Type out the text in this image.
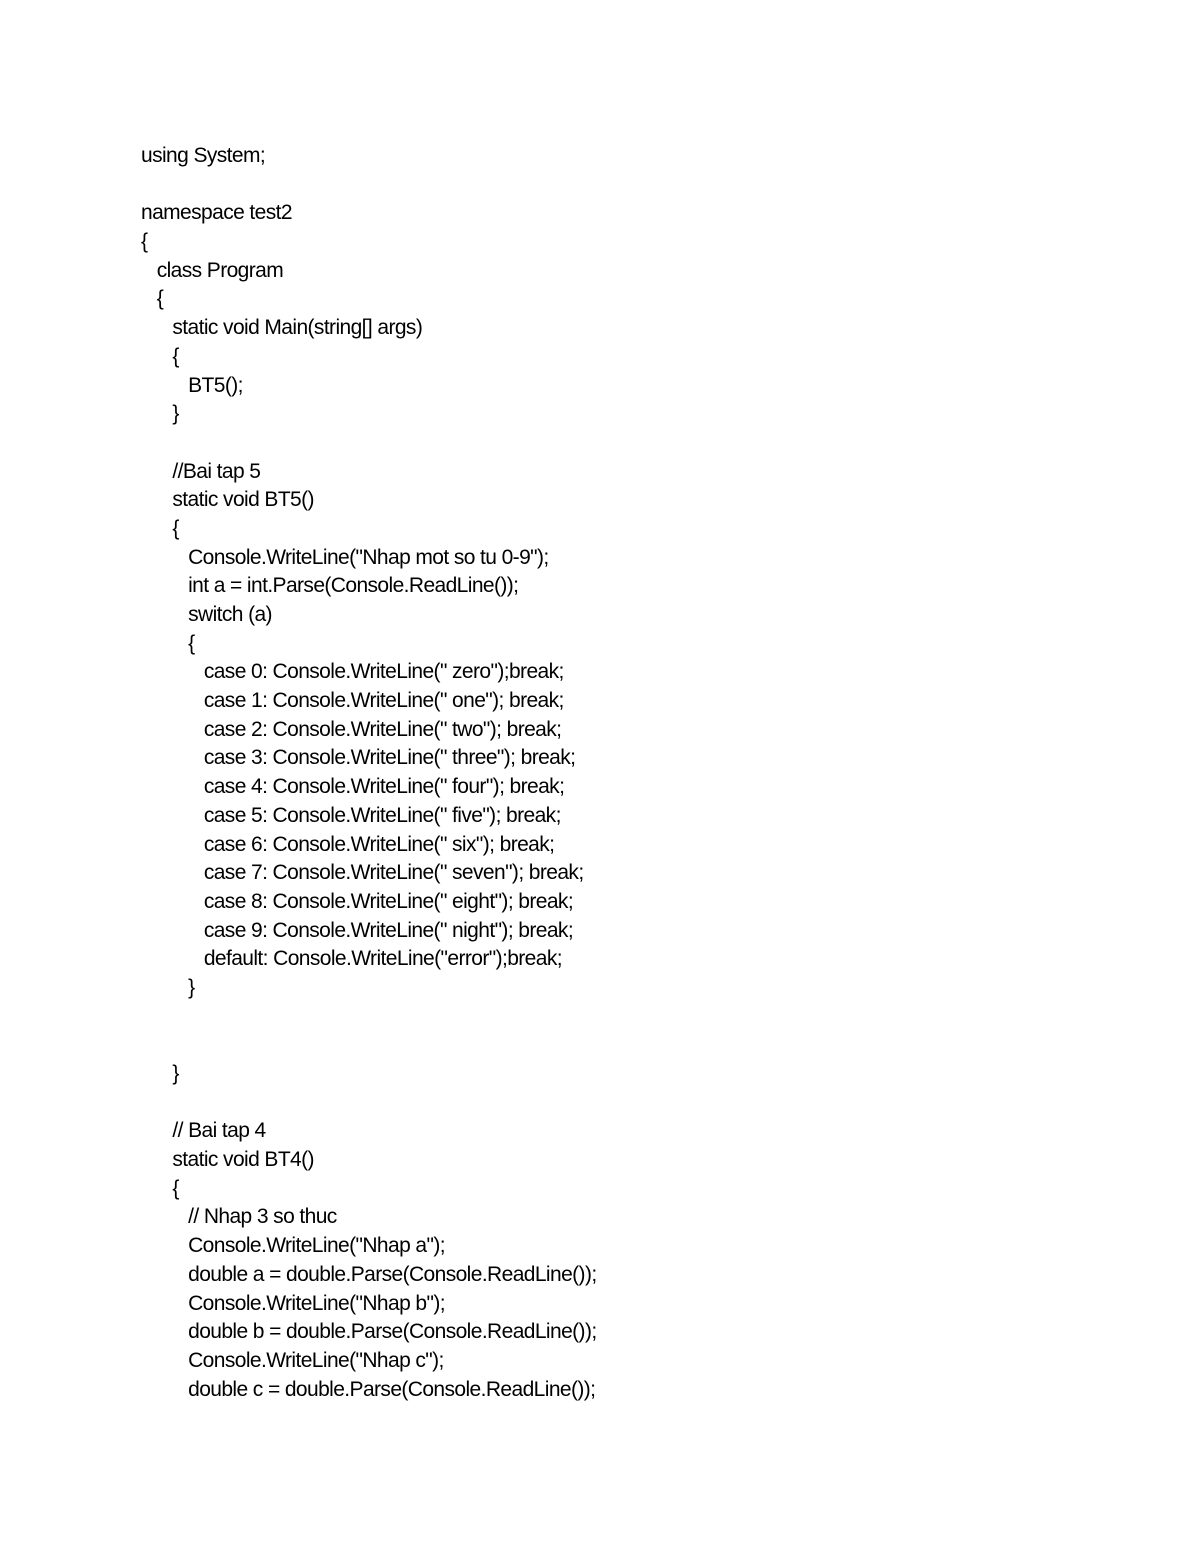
using System;
namespace test2
{
class Program
{
static void Main(string[] args)
{
BT5();
}
//Bai tap 5
static void BT5()
{
Console.WriteLine("Nhap mot so tu 0-9");
int a = int.Parse(Console.ReadLine());
switch (a)
{
case 0: Console.WriteLine(" zero");break;
case 1: Console.WriteLine(" one"); break;
case 2: Console.WriteLine(" two"); break;
case 3: Console.WriteLine(" three"); break;
case 4: Console.WriteLine(" four"); break;
case 5: Console.WriteLine(" five"); break;
case 6: Console.WriteLine(" six"); break;
case 7: Console.WriteLine(" seven"); break;
case 8: Console.WriteLine(" eight"); break;
case 9: Console.WriteLine(" night"); break;
default: Console.WriteLine("error");break;
}
}
// Bai tap 4
static void BT4()
{
// Nhap 3 so thuc
Console.WriteLine("Nhap a");
double a = double.Parse(Console.ReadLine());
Console.WriteLine("Nhap b");
double b = double.Parse(Console.ReadLine());
Console.WriteLine("Nhap c");
double c = double.Parse(Console.ReadLine());
